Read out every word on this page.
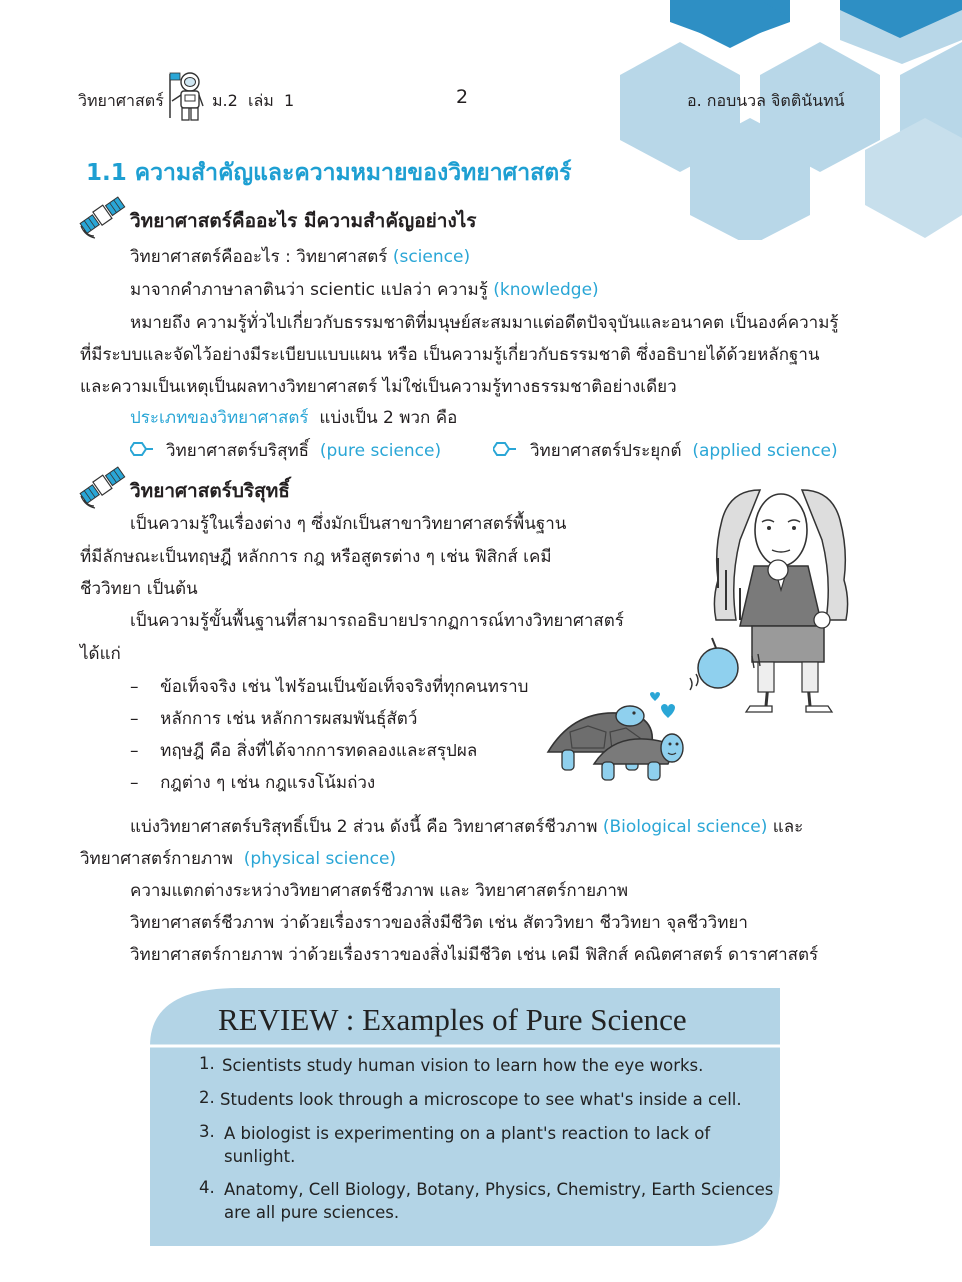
วิทยาศาสตร์	ม.2 เล่ม 1	2	อ. กอบนวล จิตตินันทน์
1.1 ความสำคัญและความหมายของวิทยาศาสตร์
วิทยาศาสตร์คืออะไร มีความสำคัญอย่างไร
วิทยาศาสตร์คืออะไร : วิทยาศาสตร์ (science)
มาจากคำภาษาลาตินว่า scientic แปลว่า ความรู้ (knowledge)
หมายถึง ความรู้ทั่วไปเกี่ยวกับธรรมชาติที่มนุษย์สะสมมาแต่อดีตปัจจุบันและอนาคต เป็นองค์ความรู้
ที่มีระบบและจัดไว้อย่างมีระเบียบแบบแผน หรือ เป็นความรู้เกี่ยวกับธรรมชาติ ซึ่งอธิบายได้ด้วยหลักฐาน
และความเป็นเหตุเป็นผลทางวิทยาศาสตร์ ไม่ใช่เป็นความรู้ทางธรรมชาติอย่างเดียว
ประเภทของวิทยาศาสตร์ แบ่งเป็น 2 พวก คือ
วิทยาศาสตร์บริสุทธิ์ (pure science)	วิทยาศาสตร์ประยุกต์ (applied science)
วิทยาศาสตร์บริสุทธิ์
เป็นความรู้ในเรื่องต่าง ๆ ซึ่งมักเป็นสาขาวิทยาศาสตร์พื้นฐาน
ที่มีลักษณะเป็นทฤษฎี หลักการ กฎ หรือสูตรต่าง ๆ เช่น ฟิสิกส์ เคมี
ชีววิทยา เป็นต้น
เป็นความรู้ขั้นพื้นฐานที่สามารถอธิบายปรากฏการณ์ทางวิทยาศาสตร์
ได้แก่
–    ข้อเท็จจริง เช่น ไฟร้อนเป็นข้อเท็จจริงที่ทุกคนทราบ
–    หลักการ เช่น หลักการผสมพันธุ์สัตว์
–    ทฤษฎี คือ สิ่งที่ได้จากการทดลองและสรุปผล
–    กฎต่าง ๆ เช่น กฎแรงโน้มถ่วง
แบ่งวิทยาศาสตร์บริสุทธิ์เป็น 2 ส่วน ดังนี้ คือ วิทยาศาสตร์ชีวภาพ (Biological science) และ
วิทยาศาสตร์กายภาพ (physical science)
ความแตกต่างระหว่างวิทยาศาสตร์ชีวภาพ และ วิทยาศาสตร์กายภาพ
วิทยาศาสตร์ชีวภาพ ว่าด้วยเรื่องราวของสิ่งมีชีวิต เช่น สัตววิทยา ชีววิทยา จุลชีววิทยา
วิทยาศาสตร์กายภาพ ว่าด้วยเรื่องราวของสิ่งไม่มีชีวิต เช่น เคมี ฟิสิกส์ คณิตศาสตร์ ดาราศาสตร์
REVIEW : Examples of Pure Science
1. Scientists study human vision to learn how the eye works.
2. Students look through a microscope to see what's inside a cell.
3. A biologist is experimenting on a plant's reaction to lack of
sunlight.
4. Anatomy, Cell Biology, Botany, Physics, Chemistry, Earth Sciences
are all pure sciences.
